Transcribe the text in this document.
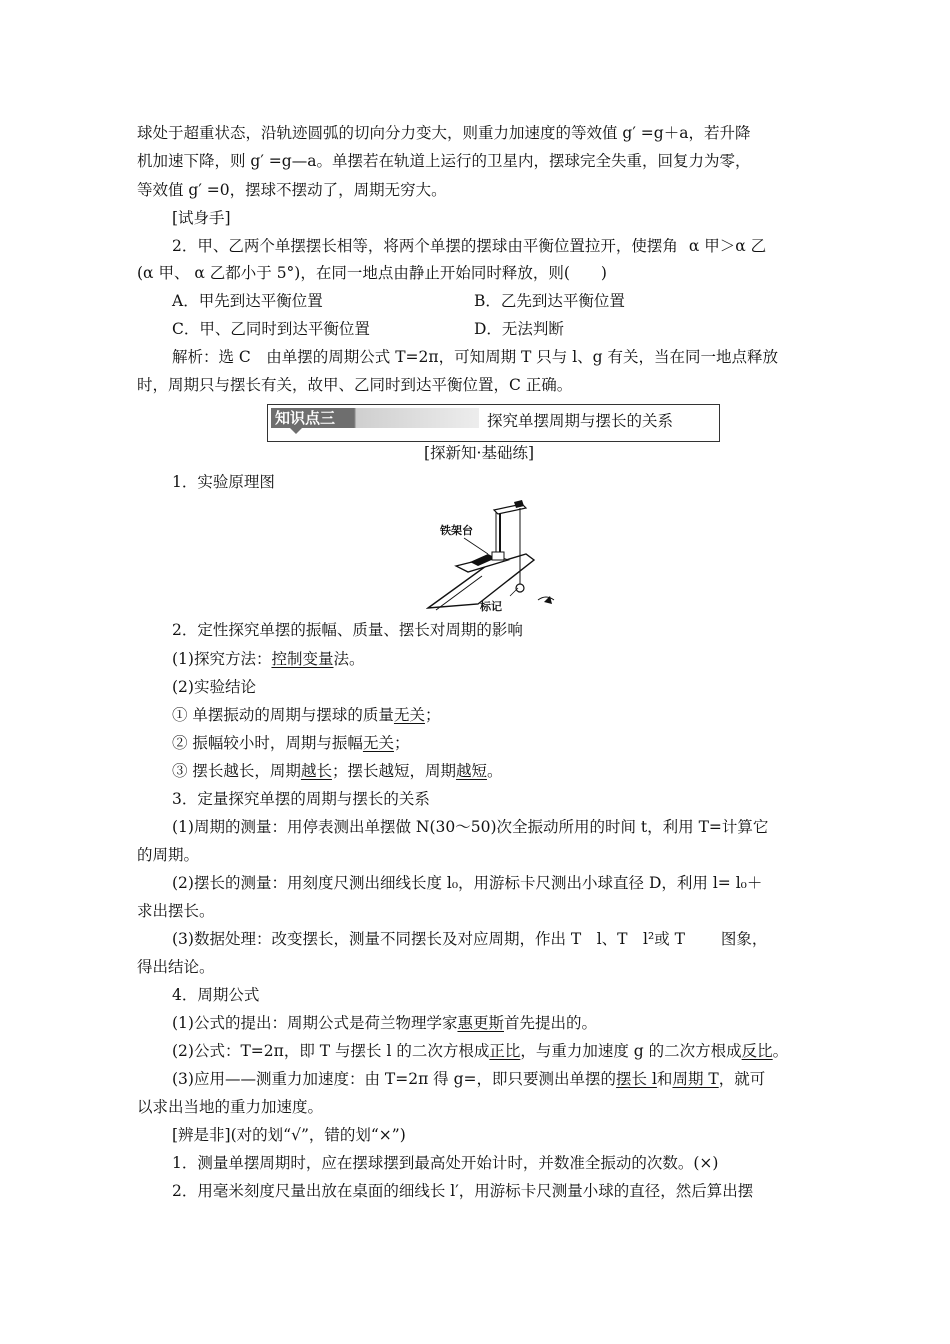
球处于超重状态，沿轨迹圆弧的切向分力变大，则重力加速度的等效值 g′ =g＋a，若升降
机加速下降，则 g′ =g—a。单摆若在轨道上运行的卫星内，摆球完全失重，回复力为零，
等效值 g′ =0，摆球不摆动了，周期无穷大。
[试身手]
2．甲、乙两个单摆摆长相等，将两个单摆的摆球由平衡位置拉开，使摆角 α 甲＞α 乙
(α 甲、 α 乙都小于 5°)，在同一地点由静止开始同时释放，则(　　)
A．甲先到达平衡位置	B．乙先到达平衡位置
C．甲、乙同时到达平衡位置	D．无法判断
解析：选 C　由单摆的周期公式 T=2π，可知周期 T 只与 l、g 有关，当在同一地点释放
时，周期只与摆长有关，故甲、乙同时到达平衡位置，C 正确。
知识点三	探究单摆周期与摆长的关系
[探新知·基础练]
1．实验原理图
铁架台
标记
2．定性探究单摆的振幅、质量、摆长对周期的影响
(1)探究方法：控制变量法。
(2)实验结论
① 单摆振动的周期与摆球的质量无关；
② 振幅较小时，周期与振幅无关；
③ 摆长越长，周期越长；摆长越短，周期越短。
3．定量探究单摆的周期与摆长的关系
(1)周期的测量：用停表测出单摆做 N(30～50)次全振动所用的时间 t，利用 T=计算它
的周期。
(2)摆长的测量：用刻度尺测出细线长度 l₀，用游标卡尺测出小球直径 D，利用 l= l₀＋
求出摆长。
(3)数据处理：改变摆长，测量不同摆长及对应周期，作出 T　l、T　l²或 T　　 图象，
得出结论。
4．周期公式
(1)公式的提出：周期公式是荷兰物理学家惠更斯首先提出的。
(2)公式：T=2π，即 T 与摆长 l 的二次方根成正比，与重力加速度 g 的二次方根成反比。
(3)应用——测重力加速度：由 T=2π 得 g=，即只要测出单摆的摆长 l和周期 T，就可
以求出当地的重力加速度。
[辨是非](对的划“√”，错的划“×”)
1．测量单摆周期时，应在摆球摆到最高处开始计时，并数准全振动的次数。(×)
2．用毫米刻度尺量出放在桌面的细线长 l′，用游标卡尺测量小球的直径，然后算出摆
